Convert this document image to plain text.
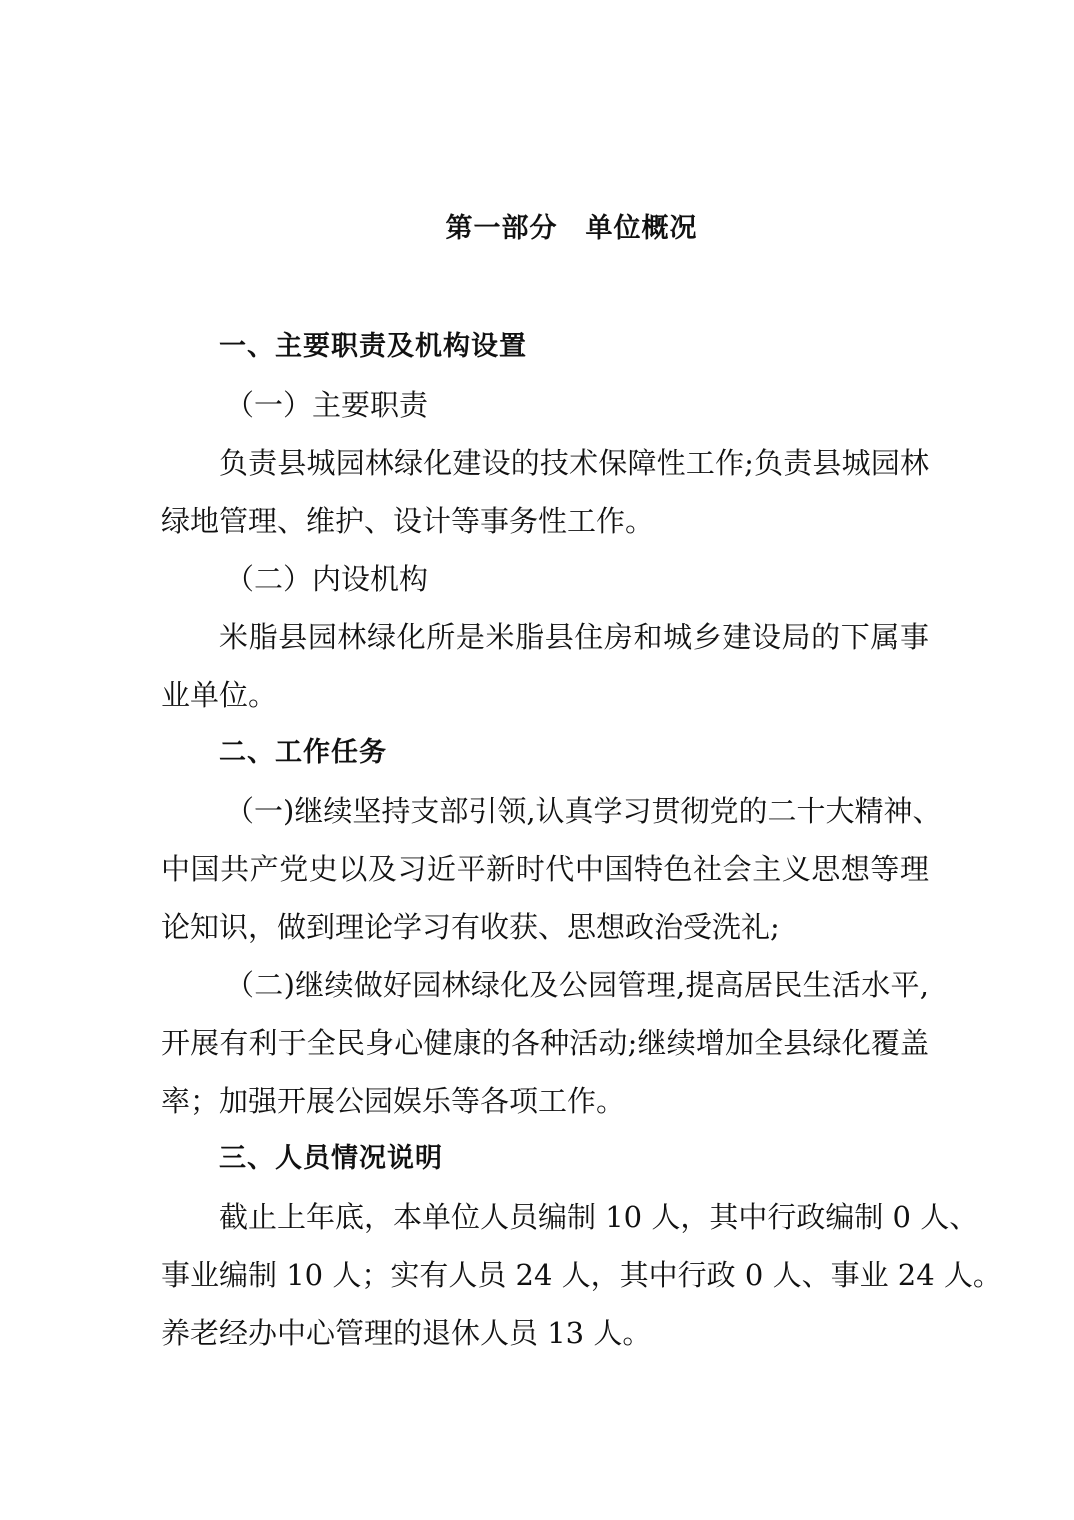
第一部分　单位概况
一、主要职责及机构设置
（一）主要职责
负责县城园林绿化建设的技术保障性工作;负责县城园林
绿地管理、维护、设计等事务性工作。
（二）内设机构
米脂县园林绿化所是米脂县住房和城乡建设局的下属事
业单位。
二、工作任务
（一)继续坚持支部引领,认真学习贯彻党的二十大精神、
中国共产党史以及习近平新时代中国特色社会主义思想等理
论知识，做到理论学习有收获、思想政治受洗礼;
（二)继续做好园林绿化及公园管理,提高居民生活水平,
开展有利于全民身心健康的各种活动;继续增加全县绿化覆盖
率；加强开展公园娱乐等各项工作。
三、人员情况说明
截止上年底，本单位人员编制 10 人，其中行政编制 0 人、
事业编制 10 人；实有人员 24 人，其中行政 0 人、事业 24 人。
养老经办中心管理的退休人员 13 人。
